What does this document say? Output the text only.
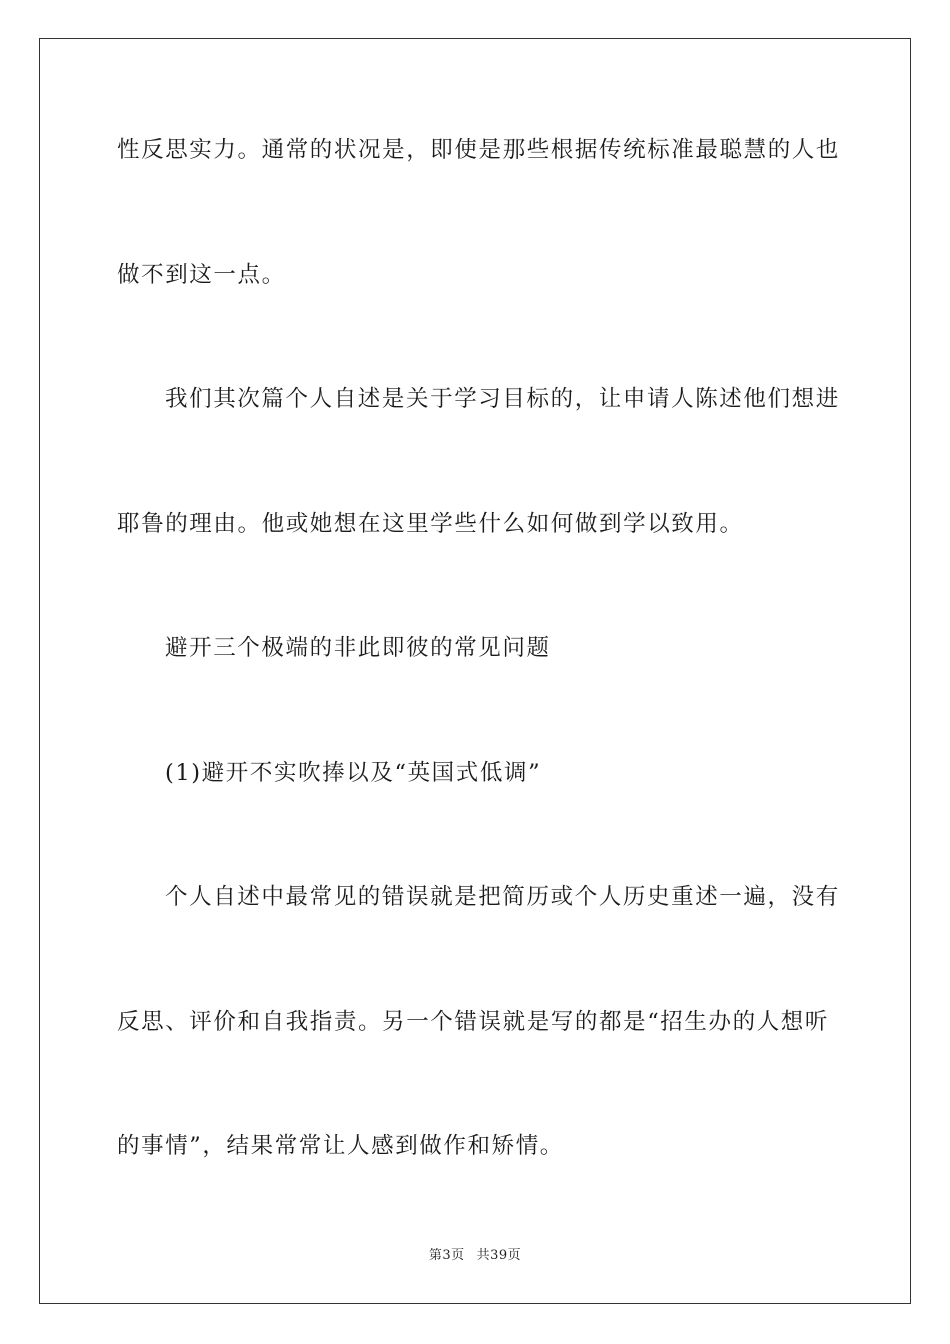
性反思实力。通常的状况是，即使是那些根据传统标准最聪慧的人也
做不到这一点。
我们其次篇个人自述是关于学习目标的，让申请人陈述他们想进
耶鲁的理由。他或她想在这里学些什么如何做到学以致用。
避开三个极端的非此即彼的常见问题
(1)避开不实吹捧以及“英国式低调”
个人自述中最常见的错误就是把简历或个人历史重述一遍，没有
反思、评价和自我指责。另一个错误就是写的都是“招生办的人想听
的事情”，结果常常让人感到做作和矫情。
第3页 共39页
